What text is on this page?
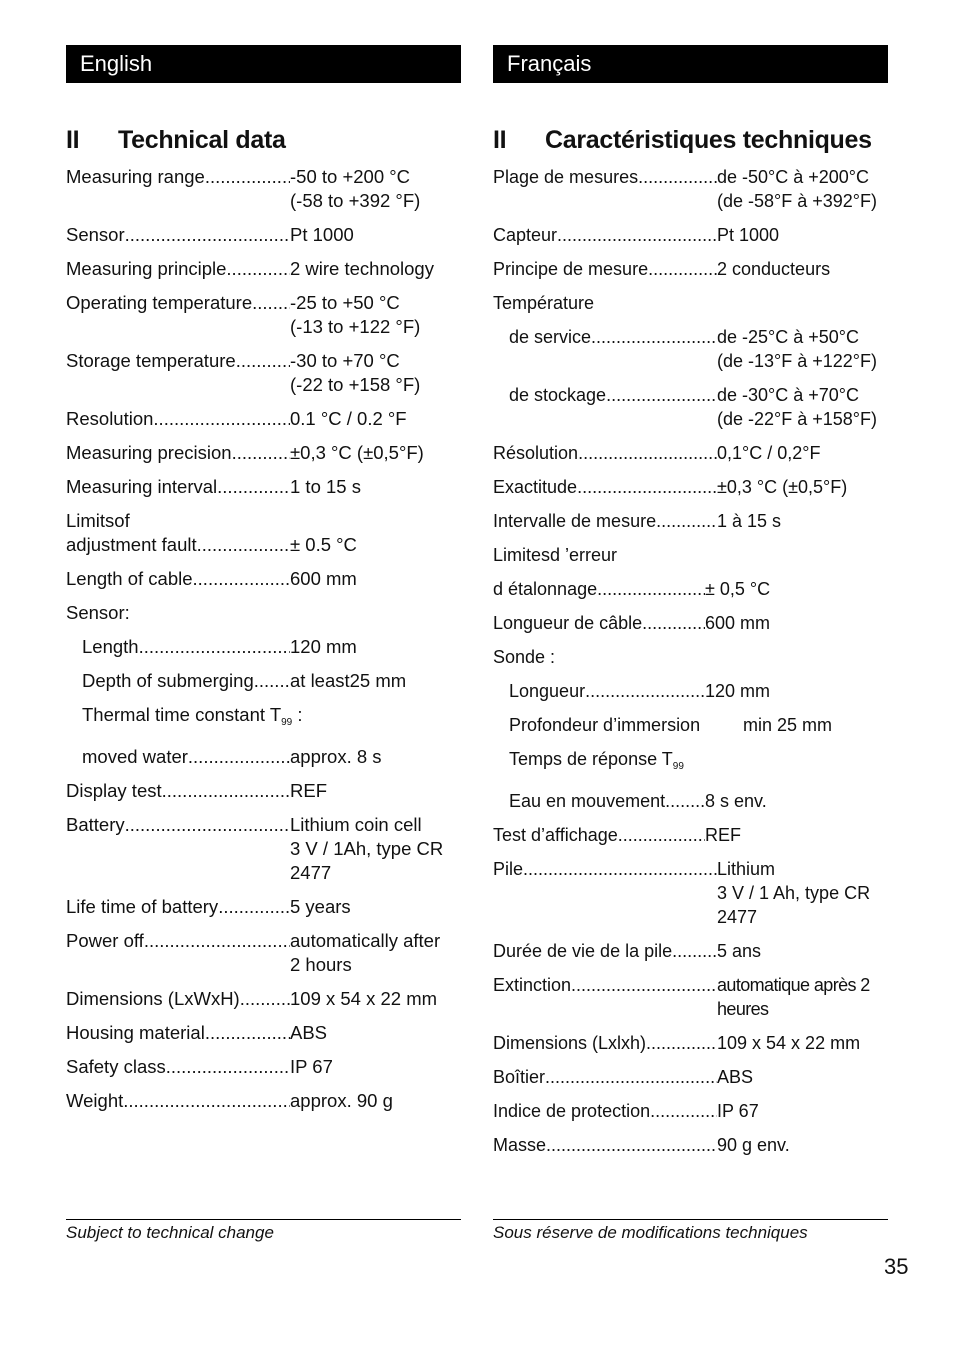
English
II	Technical data
Measuring range .....	-50 to +200 °C
(-58 to +392 °F)
Sensor .....	Pt 1000
Measuring principle .....	2 wire technology
Operating temperature ..... -25 to +50 °C
(-13 to +122 °F)
Storage temperature .....	-30 to +70 °C
(-22 to +158 °F)
Resolution .....	0.1 °C / 0.2 °F
Measuring precision .....	±0,3 °C (±0,5°F)
Measuring interval .....	1 to 15 s
Limitsof
adjustment fault .....	± 0.5 °C
Length of cable .....	600 mm
Sensor:
Length .....	120 mm
Depth of submerging ..... at least25 mm
Thermal time constant $T_{99}$ :
moved water .....	approx. 8 s
Display test .....	REF
Battery .....	Lithium coin cell
3 V / 1Ah, type CR
2477
Life time of battery .....	5 years
Power off .....	automatically after
2 hours
Dimensions (LxWxH) .....	109 x 54 x 22 mm
Housing material .....	ABS
Safety class .....	IP 67
Weight .....	approx. 90 g
Français
II	Caractéristiques techniques
Plage de mesures .....	de -50°C à +200°C
(de -58°F à +392°F)
Capteur .....	Pt 1000
Principe de mesure .....	2 conducteurs
Température
de service .....	de -25°C à +50°C
(de -13°F à +122°F)
de stockage .....	de -30°C à +70°C
(de -22°F à +158°F)
Résolution .....	0,1°C / 0,2°F
Exactitude .....	±0,3 °C (±0,5°F)
Intervalle de mesure .....	1 à 15 s
Limitesd ’erreur
d étalonnage .....	± 0,5 °C
Longueur de câble .....	600 mm
Sonde :
Longueur .....	120 mm
Profondeur d’immersion min 25 mm
Temps de réponse $T_{99}$
Eau en mouvement ..... 8 s env.
Test d’affichage .....	REF
Pile .....	Lithium
3 V / 1 Ah, type CR
2477
Durée de vie de la pile ..... 5 ans
Extinction .....	automatique après 2
heures
Dimensions (Lxlxh) .....	109 x 54 x 22 mm
Boîtier .....	ABS
Indice de protection .....	IP 67
Masse .....	90 g env.
Subject to technical change	Sous réserve de modifications techniques
35
